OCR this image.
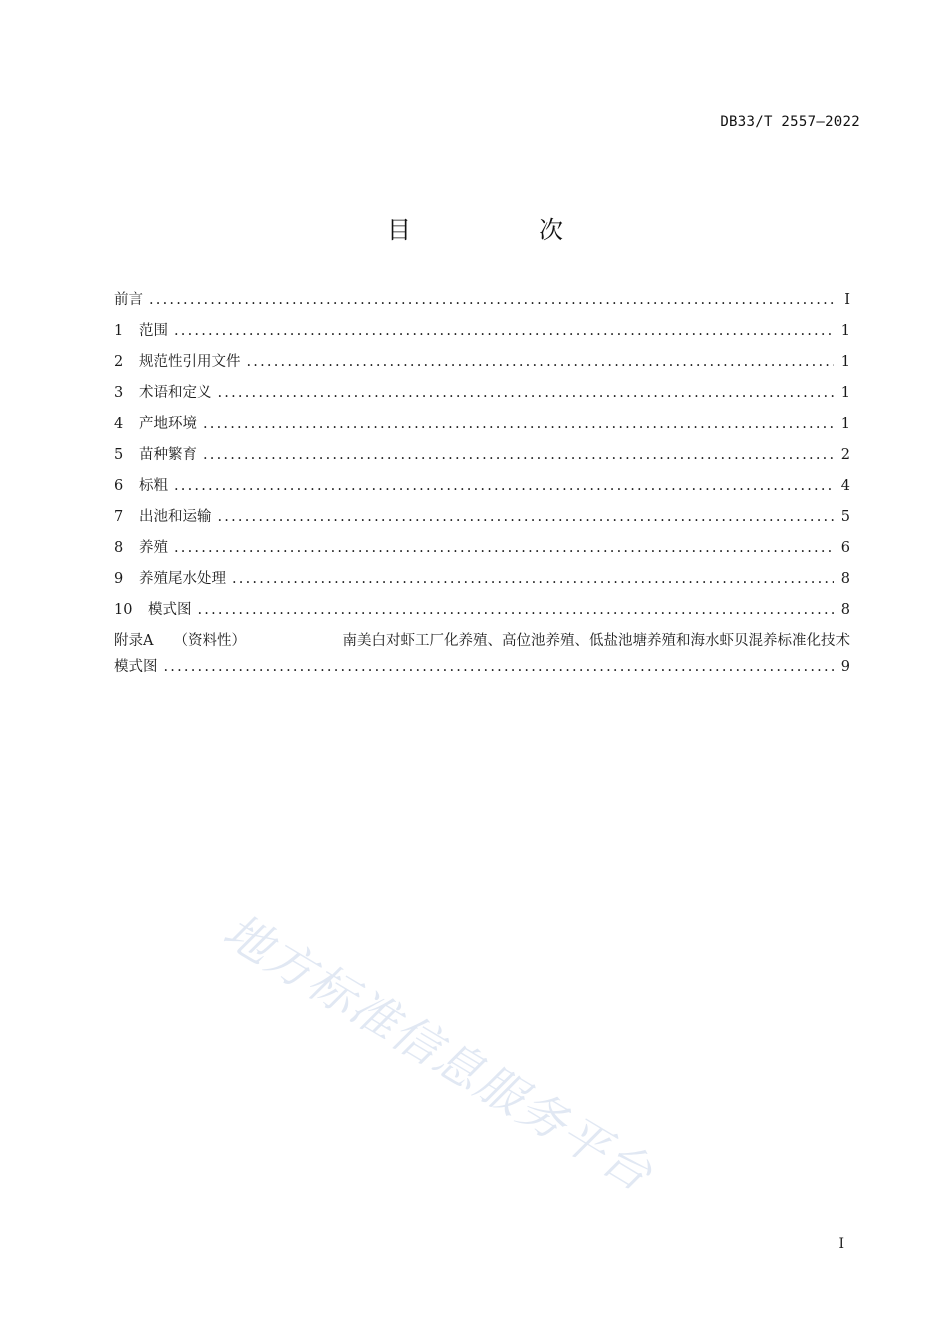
DB33/T 2557—2022
目　次
前言 .....	I
1	范围 .....	1
2	规范性引用文件 .....	1
3	术语和定义 .....	1
4	产地环境 .....	1
5	苗种繁育 .....	2
6	标粗 .....	4
7	出池和运输 .....	5
8	养殖 .....	6
9	养殖尾水处理 .....	8
10	模式图 .....	8
附录A （资料性）	南美白对虾工厂化养殖、高位池养殖、低盐池塘养殖和海水虾贝混养标准化技术
模式图 .....	9
地方标准信息服务平台
I
